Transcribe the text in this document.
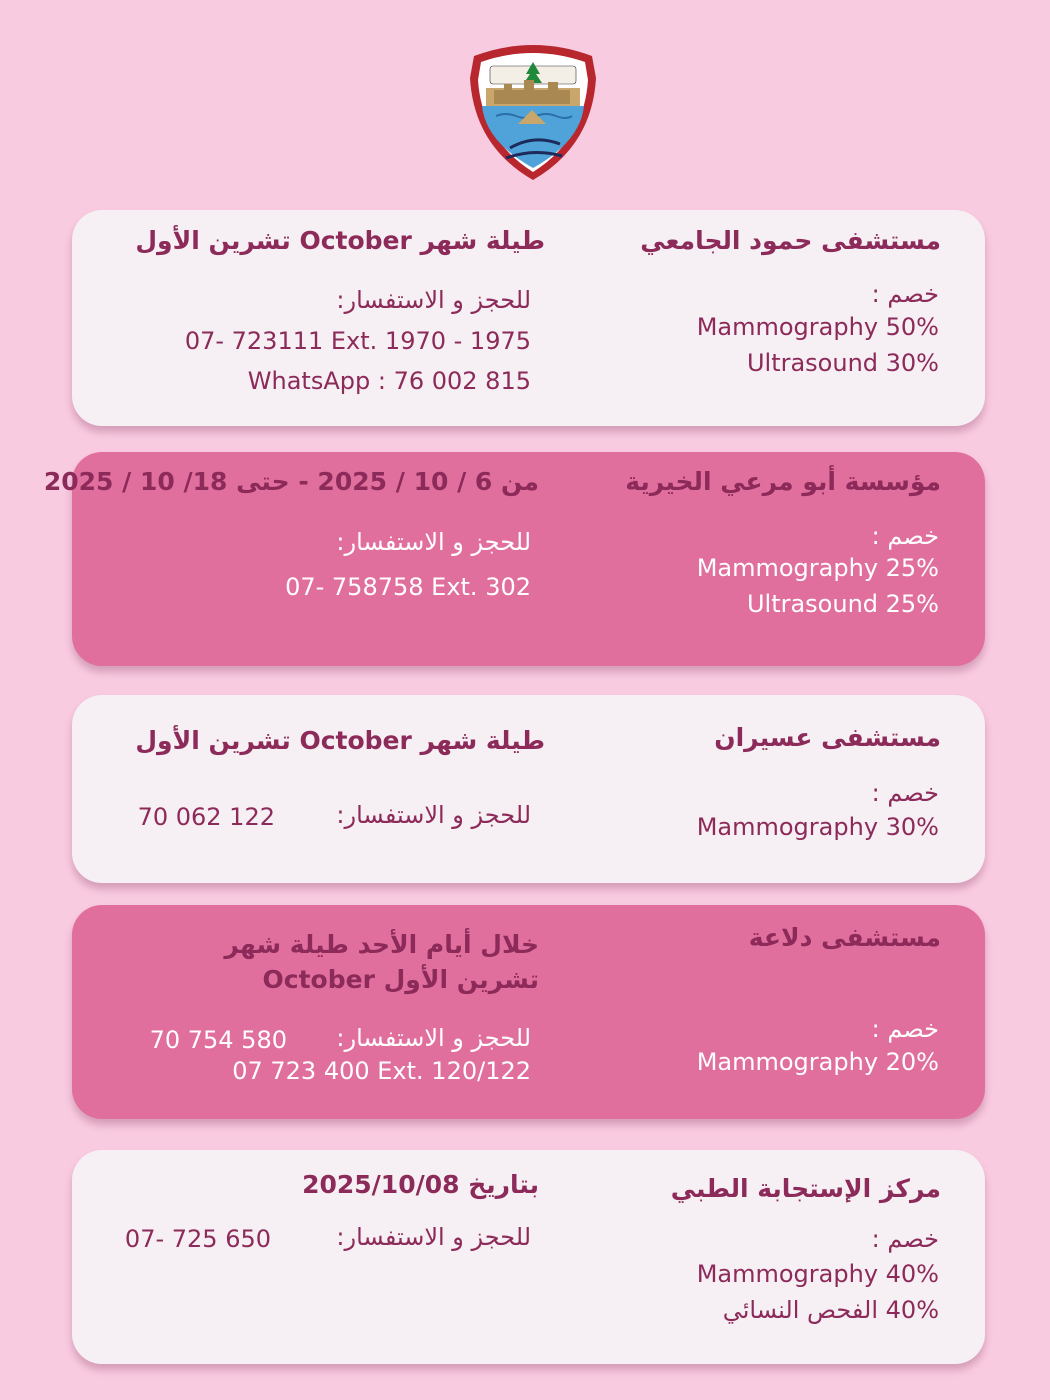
مستشفى حمود الجامعي
طيلة شهر October تشرين الأول
خصم :
Mammography 50%
Ultrasound 30%
للحجز و الاستفسار:
07- 723111 Ext. 1970 - 1975
WhatsApp : 76 002 815
مؤسسة أبو مرعي الخيرية
من 6 / 10 / 2025 - حتى 18/ 10 / 2025
خصم :
Mammography 25%
Ultrasound 25%
للحجز و الاستفسار:
07- 758758 Ext. 302
مستشفى عسيران
طيلة شهر October تشرين الأول
خصم :
Mammography 30%
للحجز و الاستفسار:
70 062 122
مستشفى دلاعة
خلال أيام الأحد طيلة شهر
تشرين الأول October
خصم :
Mammography 20%
للحجز و الاستفسار:
70 754 580
07 723 400 Ext. 120/122
مركز الإستجابة الطبي
بتاريخ 2025/10/08
خصم :
Mammography 40%
40% الفحص النسائي
للحجز و الاستفسار:
07- 725 650
